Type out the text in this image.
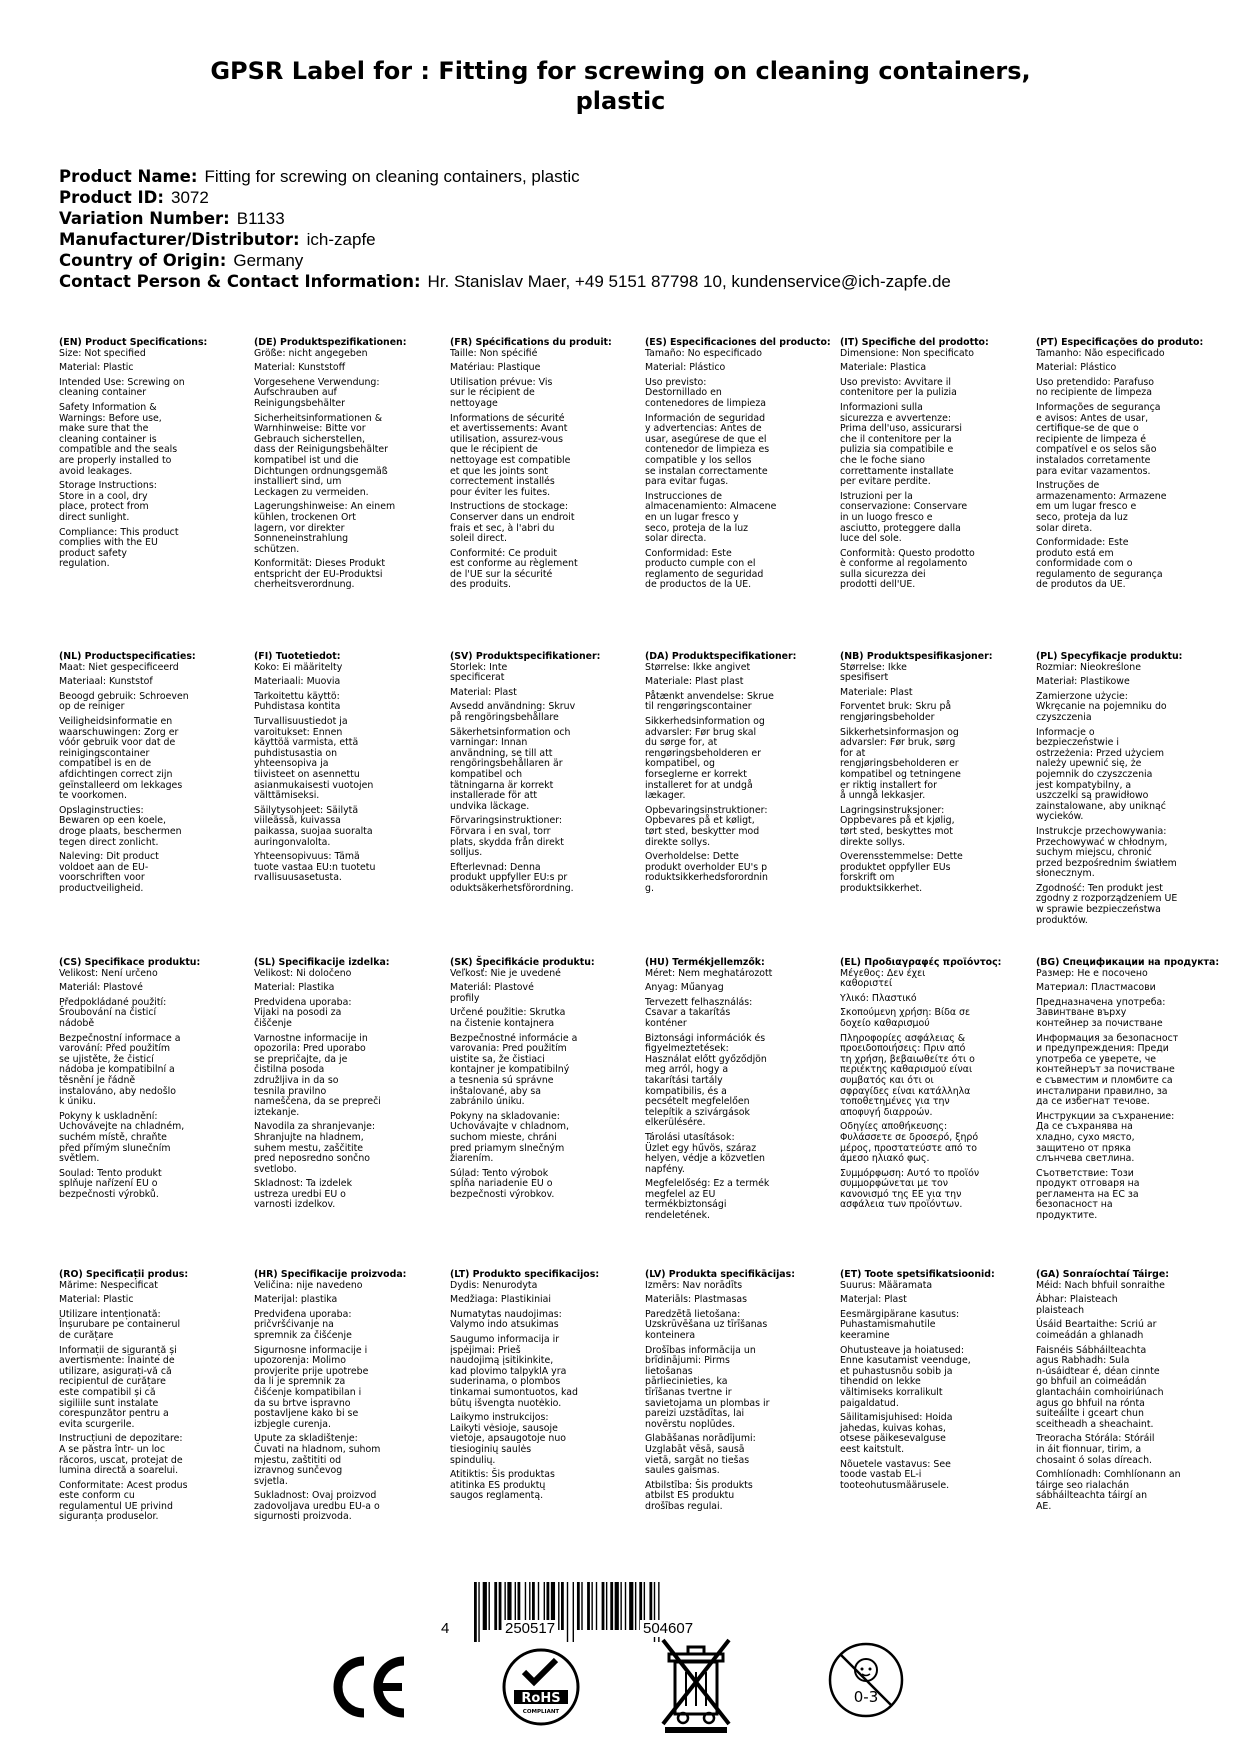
GPSR Label for : Fitting for screwing on cleaning containers,
plastic
Product Name: Fitting for screwing on cleaning containers, plastic
Product ID: 3072
Variation Number: B1133
Manufacturer/Distributor: ich-zapfe
Country of Origin: Germany
Contact Person & Contact Information: Hr. Stanislav Maer, +49 5151 87798 10, kundenservice@ich-zapfe.de
(EN) Product Specifications:
Size: Not specified
Material: Plastic
Intended Use: Screwing on
cleaning container
Safety Information &
Warnings: Before use,
make sure that the
cleaning container is
compatible and the seals
are properly installed to
avoid leakages.
Storage Instructions:
Store in a cool, dry
place, protect from
direct sunlight.
Compliance: This product
complies with the EU
product safety
regulation.
(DE) Produktspezifikationen:
Größe: nicht angegeben
Material: Kunststoff
Vorgesehene Verwendung:
Aufschrauben auf
Reinigungsbehälter
Sicherheitsinformationen &
Warnhinweise: Bitte vor
Gebrauch sicherstellen,
dass der Reinigungsbehälter
kompatibel ist und die
Dichtungen ordnungsgemäß
installiert sind, um
Leckagen zu vermeiden.
Lagerungshinweise: An einem
kühlen, trockenen Ort
lagern, vor direkter
Sonneneinstrahlung
schützen.
Konformität: Dieses Produkt
entspricht der EU-Produktsi
cherheitsverordnung.
(FR) Spécifications du produit:
Taille: Non spécifié
Matériau: Plastique
Utilisation prévue: Vis
sur le récipient de
nettoyage
Informations de sécurité
et avertissements: Avant
utilisation, assurez-vous
que le récipient de
nettoyage est compatible
et que les joints sont
correctement installés
pour éviter les fuites.
Instructions de stockage:
Conserver dans un endroit
frais et sec, à l'abri du
soleil direct.
Conformité: Ce produit
est conforme au règlement
de l'UE sur la sécurité
des produits.
(ES) Especificaciones del producto:
Tamaño: No especificado
Material: Plástico
Uso previsto:
Destornillado en
contenedores de limpieza
Información de seguridad
y advertencias: Antes de
usar, asegúrese de que el
contenedor de limpieza es
compatible y los sellos
se instalan correctamente
para evitar fugas.
Instrucciones de
almacenamiento: Almacene
en un lugar fresco y
seco, proteja de la luz
solar directa.
Conformidad: Este
producto cumple con el
reglamento de seguridad
de productos de la UE.
(IT) Specifiche del prodotto:
Dimensione: Non specificato
Materiale: Plastica
Uso previsto: Avvitare il
contenitore per la pulizia
Informazioni sulla
sicurezza e avvertenze:
Prima dell'uso, assicurarsi
che il contenitore per la
pulizia sia compatibile e
che le foche siano
correttamente installate
per evitare perdite.
Istruzioni per la
conservazione: Conservare
in un luogo fresco e
asciutto, proteggere dalla
luce del sole.
Conformità: Questo prodotto
è conforme al regolamento
sulla sicurezza dei
prodotti dell'UE.
(PT) Especificações do produto:
Tamanho: Não especificado
Material: Plástico
Uso pretendido: Parafuso
no recipiente de limpeza
Informações de segurança
e avisos: Antes de usar,
certifique-se de que o
recipiente de limpeza é
compatível e os selos são
instalados corretamente
para evitar vazamentos.
Instruções de
armazenamento: Armazene
em um lugar fresco e
seco, proteja da luz
solar direta.
Conformidade: Este
produto está em
conformidade com o
regulamento de segurança
de produtos da UE.
(NL) Productspecificaties:
Maat: Niet gespecificeerd
Materiaal: Kunststof
Beoogd gebruik: Schroeven
op de reiniger
Veiligheidsinformatie en
waarschuwingen: Zorg er
vóór gebruik voor dat de
reinigingscontainer
compatibel is en de
afdichtingen correct zijn
geïnstalleerd om lekkages
te voorkomen.
Opslaginstructies:
Bewaren op een koele,
droge plaats, beschermen
tegen direct zonlicht.
Naleving: Dit product
voldoet aan de EU-
voorschriften voor
productveiligheid.
(FI) Tuotetiedot:
Koko: Ei määritelty
Materiaali: Muovia
Tarkoitettu käyttö:
Puhdistasa kontita
Turvallisuustiedot ja
varoitukset: Ennen
käyttöä varmista, että
puhdistusastia on
yhteensopiva ja
tiivisteet on asennettu
asianmukaisesti vuotojen
välttämiseksi.
Säilytysohjeet: Säilytä
viileässä, kuivassa
paikassa, suojaa suoralta
auringonvalolta.
Yhteensopivuus: Tämä
tuote vastaa EU:n tuotetu
rvallisuusasetusta.
(SV) Produktspecifikationer:
Storlek: Inte
specificerat
Material: Plast
Avsedd användning: Skruv
på rengöringsbehållare
Säkerhetsinformation och
varningar: Innan
användning, se till att
rengöringsbehållaren är
kompatibel och
tätningarna är korrekt
installerade för att
undvika läckage.
Förvaringsinstruktioner:
Förvara i en sval, torr
plats, skydda från direkt
solljus.
Efterlevnad: Denna
produkt uppfyller EU:s pr
oduktsäkerhetsförordning.
(DA) Produktspecifikationer:
Størrelse: Ikke angivet
Materiale: Plast plast
Påtænkt anvendelse: Skrue
til rengøringscontainer
Sikkerhedsinformation og
advarsler: Før brug skal
du sørge for, at
rengøringsbeholderen er
kompatibel, og
forseglerne er korrekt
installeret for at undgå
lækager.
Opbevaringsinstruktioner:
Opbevares på et køligt,
tørt sted, beskytter mod
direkte sollys.
Overholdelse: Dette
produkt overholder EU's p
roduktsikkerhedsforordnin
g.
(NB) Produktspesifikasjoner:
Størrelse: Ikke
spesifisert
Materiale: Plast
Forventet bruk: Skru på
rengjøringsbeholder
Sikkerhetsinformasjon og
advarsler: Før bruk, sørg
for at
rengjøringsbeholderen er
kompatibel og tetningene
er riktig installert for
å unngå lekkasjer.
Lagringsinstruksjoner:
Oppbevares på et kjølig,
tørt sted, beskyttes mot
direkte sollys.
Overensstemmelse: Dette
produktet oppfyller EUs
forskrift om
produktsikkerhet.
(PL) Specyfikacje produktu:
Rozmiar: Nieokreślone
Materiał: Plastikowe
Zamierzone użycie:
Wkręcanie na pojemniku do
czyszczenia
Informacje o
bezpieczeństwie i
ostrzeżenia: Przed użyciem
należy upewnić się, że
pojemnik do czyszczenia
jest kompatybilny, a
uszczelki są prawidłowo
zainstalowane, aby uniknąć
wycieków.
Instrukcje przechowywania:
Przechowywać w chłodnym,
suchym miejscu, chronić
przed bezpośrednim światłem
słonecznym.
Zgodność: Ten produkt jest
zgodny z rozporządzeniem UE
w sprawie bezpieczeństwa
produktów.
(CS) Specifikace produktu:
Velikost: Není určeno
Materiál: Plastové
Předpokládané použití:
Šroubování na čisticí
nádobě
Bezpečnostní informace a
varování: Před použitím
se ujistěte, že čisticí
nádoba je kompatibilní a
těsnění je řádně
instalováno, aby nedošlo
k úniku.
Pokyny k uskladnění:
Uchovávejte na chladném,
suchém místě, chraňte
před přímým slunečním
světlem.
Soulad: Tento produkt
splňuje nařízení EU o
bezpečnosti výrobků.
(SL) Specifikacije izdelka:
Velikost: Ni določeno
Material: Plastika
Predvidena uporaba:
Vijaki na posodi za
čiščenje
Varnostne informacije in
opozorila: Pred uporabo
se prepričajte, da je
čistilna posoda
združljiva in da so
tesnila pravilno
nameščena, da se prepreči
iztekanje.
Navodila za shranjevanje:
Shranjujte na hladnem,
suhem mestu, zaščitite
pred neposredno sončno
svetlobo.
Skladnost: Ta izdelek
ustreza uredbi EU o
varnosti izdelkov.
(SK) Špecifikácie produktu:
Veľkosť: Nie je uvedené
Materiál: Plastové
profily
Určené použitie: Skrutka
na čistenie kontajnera
Bezpečnostné informácie a
varovania: Pred použitím
uistite sa, že čistiaci
kontajner je kompatibilný
a tesnenia sú správne
inštalované, aby sa
zabránilo úniku.
Pokyny na skladovanie:
Uchovávajte v chladnom,
suchom mieste, chráni
pred priamym slnečným
žiarením.
Súlad: Tento výrobok
spĺňa nariadenie EU o
bezpečnosti výrobkov.
(HU) Termékjellemzők:
Méret: Nem meghatározott
Anyag: Műanyag
Tervezett felhasználás:
Csavar a takarítás
konténer
Biztonsági információk és
figyelmeztetések:
Használat előtt győződjön
meg arról, hogy a
takarítási tartály
kompatibilis, és a
pecsételt megfelelően
telepítik a szivárgások
elkerülésére.
Tárolási utasítások:
Üzlet egy hűvös, száraz
helyen, védje a közvetlen
napfény.
Megfelelőség: Ez a termék
megfelel az EU
termékbiztonsági
rendeletének.
(EL) Προδιαγραφές προϊόντος:
Μέγεθος: Δεν έχει
καθοριστεί
Υλικό: Πλαστικό
Σκοπούμενη χρήση: Βίδα σε
δοχείο καθαρισμού
Πληροφορίες ασφάλειας &
προειδοποιήσεις: Πριν από
τη χρήση, βεβαιωθείτε ότι ο
περιέκτης καθαρισμού είναι
συμβατός και ότι οι
σφραγίδες είναι κατάλληλα
τοποθετημένες για την
αποφυγή διαρροών.
Οδηγίες αποθήκευσης:
Φυλάσσετε σε δροσερό, ξηρό
μέρος, προστατεύστε από το
άμεσο ηλιακό φως.
Συμμόρφωση: Αυτό το προϊόν
συμμορφώνεται με τον
κανονισμό της ΕΕ για την
ασφάλεια των προϊόντων.
(BG) Спецификации на продукта:
Размер: Не е посочено
Материал: Пластмасови
Предназначена употреба:
Завинтване върху
контейнер за почистване
Информация за безопасност
и предупреждения: Преди
употреба се уверете, че
контейнерът за почистване
е съвместим и пломбите са
инсталирани правилно, за
да се избегнат течове.
Инструкции за съхранение:
Да се съхранява на
хладно, сухо място,
защитено от пряка
слънчева светлина.
Съответствие: Този
продукт отговаря на
регламента на ЕС за
безопасност на
продуктите.
(RO) Specificații produs:
Mărime: Nespecificat
Material: Plastic
Utilizare intenționată:
Înșurubare pe containerul
de curățare
Informații de siguranță și
avertismente: Înainte de
utilizare, asigurați-vă că
recipientul de curățare
este compatibil și că
sigiliile sunt instalate
corespunzător pentru a
evita scurgerile.
Instrucțiuni de depozitare:
A se păstra într- un loc
răcoros, uscat, protejat de
lumina directă a soarelui.
Conformitate: Acest produs
este conform cu
regulamentul UE privind
siguranța produselor.
(HR) Specifikacije proizvoda:
Veličina: nije navedeno
Materijal: plastika
Predviđena uporaba:
pričvršćivanje na
spremnik za čišćenje
Sigurnosne informacije i
upozorenja: Molimo
provjerite prije upotrebe
da li je spremnik za
čišćenje kompatibilan i
da su brtve ispravno
postavljene kako bi se
izbjegle curenja.
Upute za skladištenje:
Čuvati na hladnom, suhom
mjestu, zaštititi od
izravnog sunčevog
svjetla.
Sukladnost: Ovaj proizvod
zadovoljava uredbu EU-a o
sigurnosti proizvoda.
(LT) Produkto specifikacijos:
Dydis: Nenurodyta
Medžiaga: Plastikiniai
Numatytas naudojimas:
Valymo indo atsukimas
Saugumo informacija ir
įspėjimai: Prieš
naudojimą įsitikinkite,
kad plovimo talpyklA yra
suderinama, o plombos
tinkamai sumontuotos, kad
būtų išvengta nuotėkio.
Laikymo instrukcijos:
Laikyti vėsioje, sausoje
vietoje, apsaugotoje nuo
tiesioginių saulės
spindulių.
Atitiktis: Šis produktas
atitinka ES produktų
saugos reglamentą.
(LV) Produkta specifikācijas:
Izmērs: Nav norādīts
Materiāls: Plastmasas
Paredzētā lietošana:
Uzskrūvēšana uz tīrīšanas
konteinera
Drošības informācija un
brīdinājumi: Pirms
lietošanas
pārliecinieties, ka
tīrīšanas tvertne ir
savietojama un plombas ir
pareizi uzstādītas, lai
novērstu noplūdes.
Glabāšanas norādījumi:
Uzglabāt vēsā, sausā
vietā, sargāt no tiešas
saules gaismas.
Atbilstība: Šis produkts
atbilst ES produktu
drošības regulai.
(ET) Toote spetsifikatsioonid:
Suurus: Määramata
Materjal: Plast
Eesmärgipärane kasutus:
Puhastamismahutile
keeramine
Ohutusteave ja hoiatused:
Enne kasutamist veenduge,
et puhastusnõu sobib ja
tihendid on lekke
vältimiseks korralikult
paigaldatud.
Säilitamisjuhised: Hoida
jahedas, kuivas kohas,
otsese päikesevalguse
eest kaitstult.
Nõuetele vastavus: See
toode vastab EL-i
tooteohutusmäärusele.
(GA) Sonraíochtaí Táirge:
Méid: Nach bhfuil sonraithe
Ábhar: Plaisteach
plaisteach
Úsáid Beartaithe: Scriú ar
coimeádán a ghlanadh
Faisnéis Sábháilteachta
agus Rabhadh: Sula
n-úsáidtear é, déan cinnte
go bhfuil an coimeádán
glantacháin comhoiriúnach
agus go bhfuil na rónta
suiteáilte i gceart chun
sceitheadh a sheachaint.
Treoracha Stórála: Stóráil
in áit fionnuar, tirim, a
chosaint ó solas díreach.
Comhlíonadh: Comhlíonann an
táirge seo rialachán
sábháilteachta táirgí an
AE.
4	250517	504607
RoHS
COMPLIANT
0-3
